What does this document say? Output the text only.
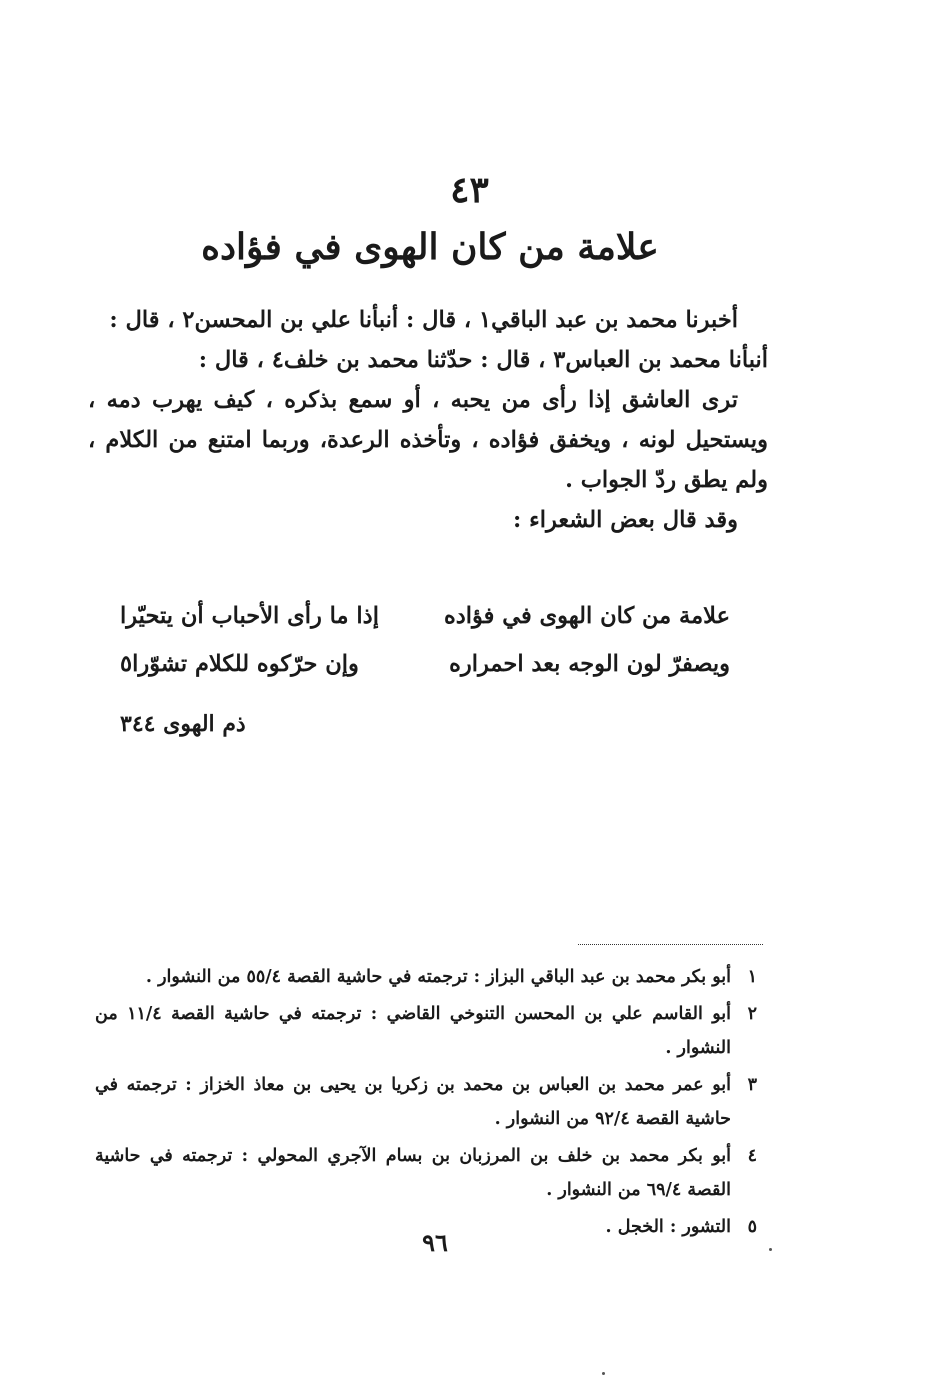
٤٣
علامة من كان الهوى في فؤاده

أخبرنا محمد بن عبد الباقي١ ، قال : أنبأنا علي بن المحسن٢ ، قال :

أنبأنا محمد بن العباس٣ ، قال : حدّثنا محمد بن خلف٤ ، قال :

ترى العاشق إذا رأى من يحبه ، أو سمع بذكره ، كيف يهرب دمه ، ويستحيل لونه ، ويخفق فؤاده ، وتأخذه الرعدة، وربما امتنع من الكلام ، ولم يطق ردّ الجواب .

وقد قال بعض الشعراء :

علامة من كان الهوى في فؤاده
إذا ما رأى الأحباب أن يتحيّرا
ويصفرّ لون الوجه بعد احمراره
وإن حرّكوه للكلام تشوّرا٥
ذم الهوى ٣٤٤
١
أبو بكر محمد بن عبد الباقي البزاز : ترجمته في حاشية القصة ٥٥/٤ من النشوار .
٢
أبو القاسم علي بن المحسن التنوخي القاضي : ترجمته في حاشية القصة ١١/٤ من النشوار .
٣
أبو عمر محمد بن العباس بن محمد بن زكريا بن يحيى بن معاذ الخزاز : ترجمته في حاشية القصة ٩٢/٤ من النشوار .
٤
أبو بكر محمد بن خلف بن المرزبان بن بسام الآجري المحولي : ترجمته في حاشية القصة ٦٩/٤ من النشوار .
٥
التشور : الخجل .
٩٦
